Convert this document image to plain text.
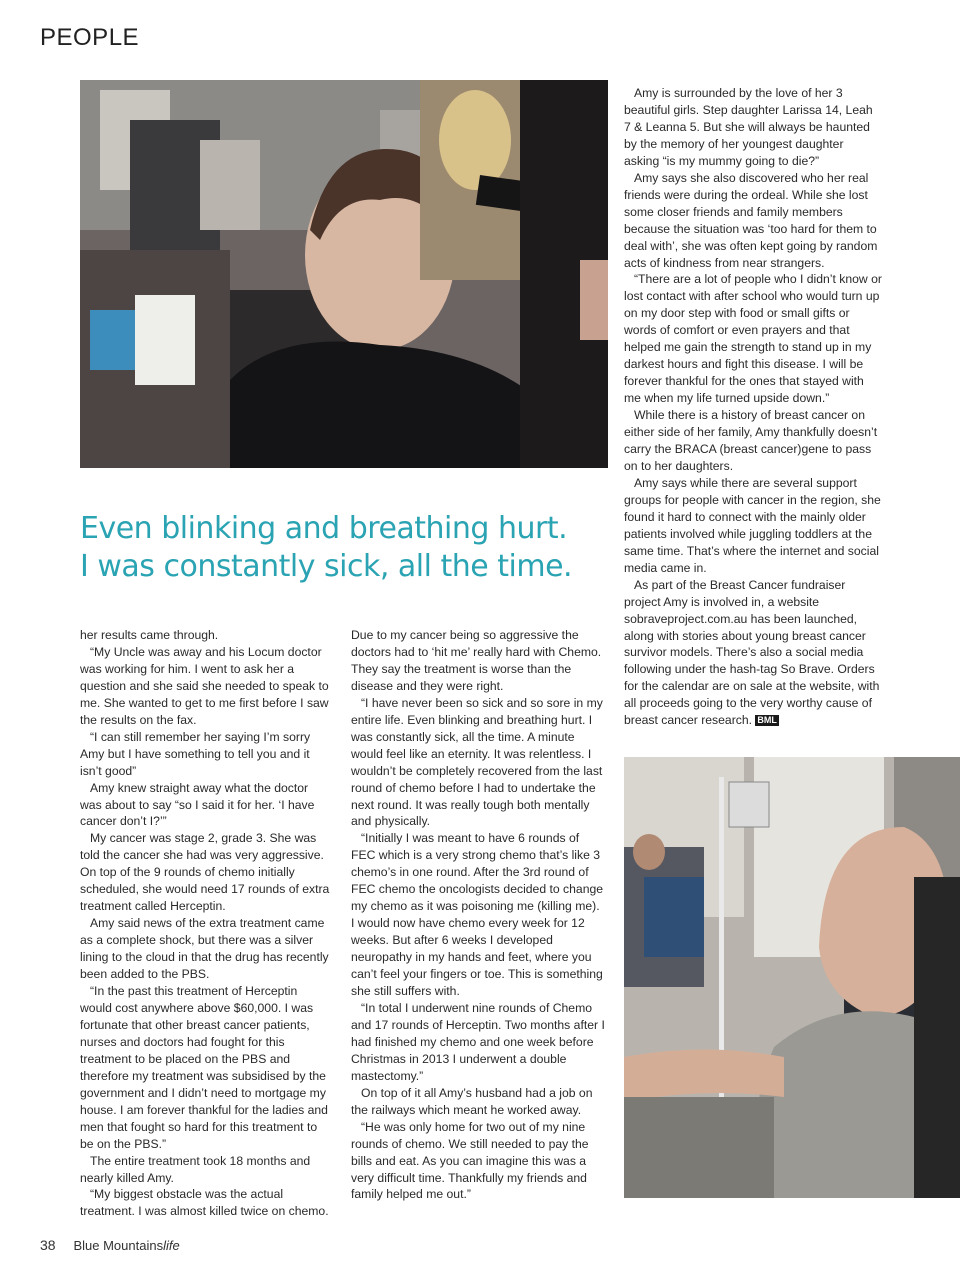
PEOPLE
Even blinking and breathing hurt.
I was constantly sick, all the time.

her results came through.

“My Uncle was away and his Locum doctor was working for him. I went to ask her a question and she said she needed to speak to me. She wanted to get to me first before I saw the results on the fax.

“I can still remember her saying I’m sorry Amy but I have something to tell you and it isn’t good”

Amy knew straight away what the doctor was about to say “so I said it for her. ‘I have cancer don’t I?’”

My cancer was stage 2, grade 3. She was told the cancer she had was very aggressive. On top of the 9 rounds of chemo initially scheduled, she would need 17 rounds of extra treatment called Herceptin.

Amy said news of the extra treatment came as a complete shock, but there was a silver lining to the cloud in that the drug has recently been added to the PBS.

“In the past this treatment of Herceptin would cost anywhere above $60,000. I was fortunate that other breast cancer patients, nurses and doctors had fought for this treatment to be placed on the PBS and therefore my treatment was subsidised by the government and I didn’t need to mortgage my house. I am forever thankful for the ladies and men that fought so hard for this treatment to be on the PBS.”

The entire treatment took 18 months and nearly killed Amy.

“My biggest obstacle was the actual treatment. I was almost killed twice on chemo.

Due to my cancer being so aggressive the doctors had to ‘hit me’ really hard with Chemo. They say the treatment is worse than the disease and they were right.

“I have never been so sick and so sore in my entire life. Even blinking and breathing hurt. I was constantly sick, all the time. A minute would feel like an eternity. It was relentless. I wouldn’t be completely recovered from the last round of chemo before I had to undertake the next round. It was really tough both mentally and physically.

“Initially I was meant to have 6 rounds of FEC which is a very strong chemo that’s like 3 chemo’s in one round. After the 3rd round of FEC chemo the oncologists decided to change my chemo as it was poisoning me (killing me). I would now have chemo every week for 12 weeks. But after 6 weeks I developed neuropathy in my hands and feet, where you can’t feel your fingers or toe. This is something she still suffers with.

“In total I underwent nine rounds of Chemo and 17 rounds of Herceptin. Two months after I had finished my chemo and one week before Christmas in 2013 I underwent a double mastectomy.”

On top of it all Amy’s husband had a job on the railways which meant he worked away.

“He was only home for two out of my nine rounds of chemo. We still needed to pay the bills and eat. As you can imagine this was a very difficult time. Thankfully my friends and family helped me out.”

Amy is surrounded by the love of her 3 beautiful girls. Step daughter Larissa 14, Leah 7 & Leanna 5. But she will always be haunted by the memory of her youngest daughter asking “is my mummy going to die?”

Amy says she also discovered who her real friends were during the ordeal. While she lost some closer friends and family members because the situation was ‘too hard for them to deal with’, she was often kept going by random acts of kindness from near strangers.

“There are a lot of people who I didn’t know or lost contact with after school who would turn up on my door step with food or small gifts or words of comfort or even prayers and that helped me gain the strength to stand up in my darkest hours and fight this disease. I will be forever thankful for the ones that stayed with me when my life turned upside down.”

While there is a history of breast cancer on either side of her family, Amy thankfully doesn’t carry the BRACA (breast cancer)gene to pass on to her daughters.

Amy says while there are several support groups for people with cancer in the region, she found it hard to connect with the mainly older patients involved while juggling toddlers at the same time. That’s where the internet and social media came in.

As part of the Breast Cancer fundraiser project Amy is involved in, a website sobraveproject.com.au has been launched, along with stories about young breast cancer survivor models. There’s also a social media following under the hash-tag So Brave. Orders for the calendar are on sale at the website, with all proceeds going to the very worthy cause of breast cancer research. BML

38 Blue Mountainslife
